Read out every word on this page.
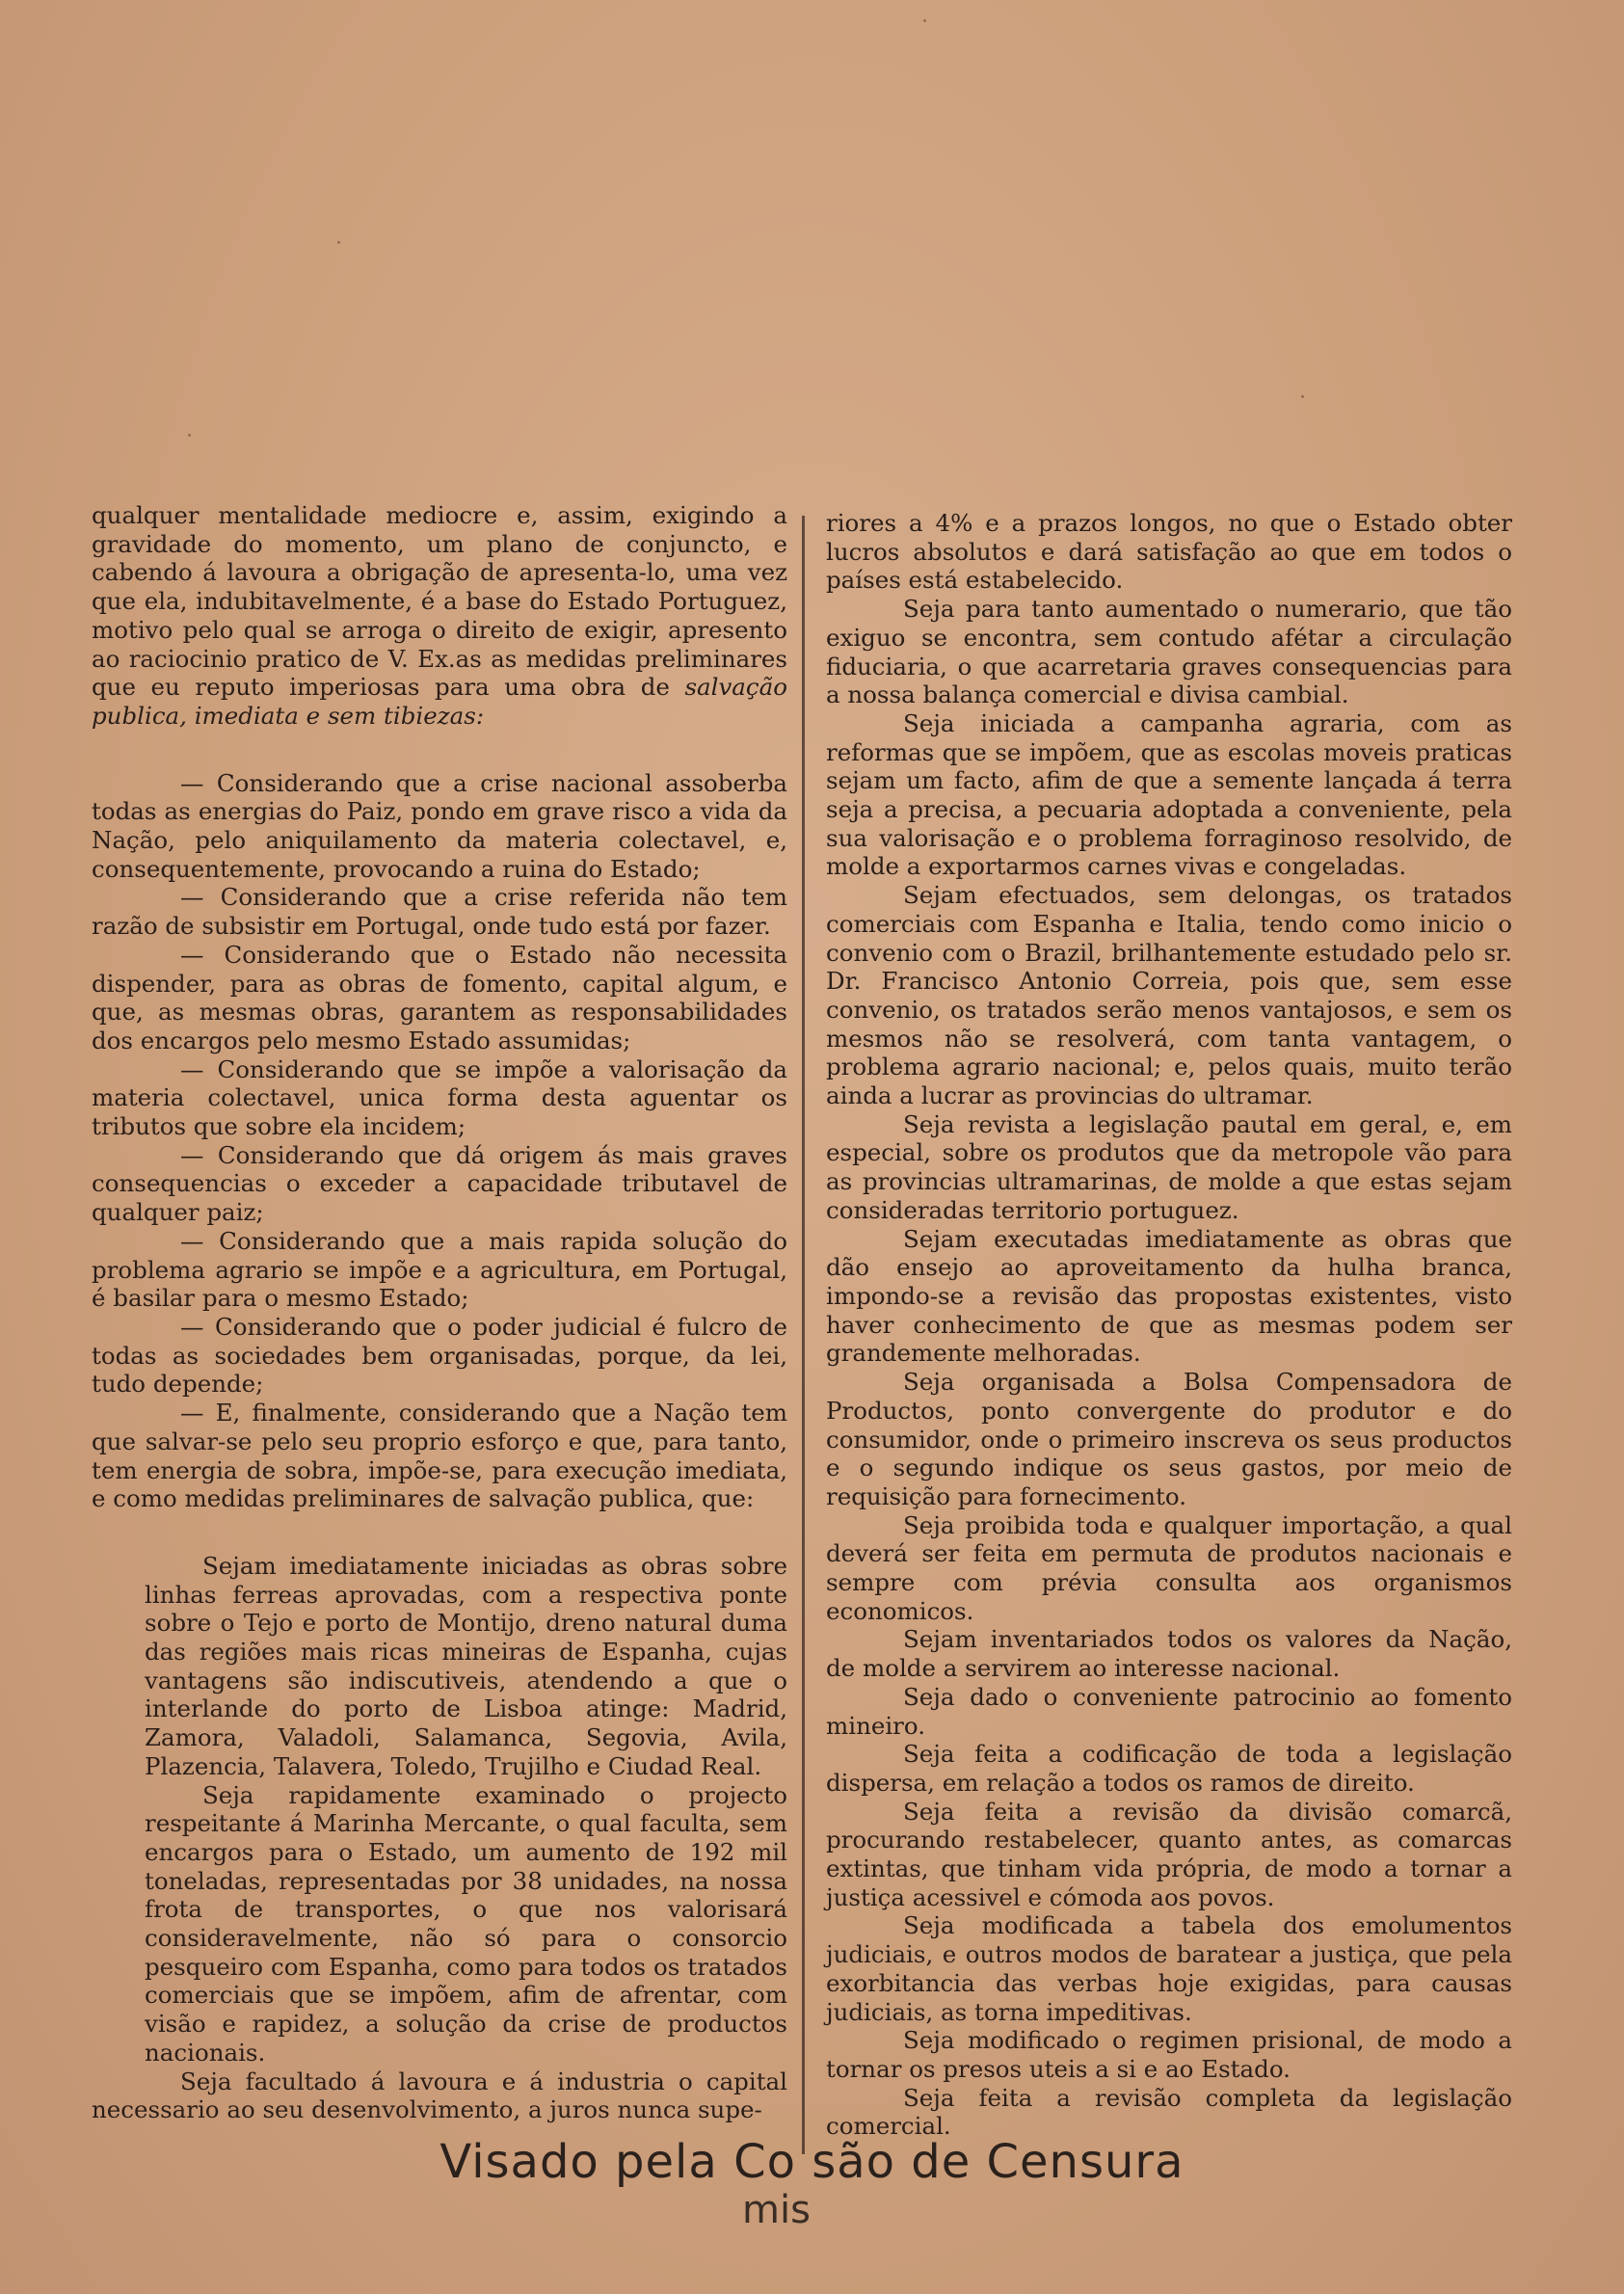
qualquer mentalidade mediocre e, assim, exigindo a gravidade do momento, um plano de conjuncto, e cabendo á lavoura a obrigação de apresenta-lo, uma vez que ela, indubitavelmente, é a base do Estado Portuguez, motivo pelo qual se arroga o direito de exigir, apresento ao raciocinio pratico de V. Ex.as as medidas preliminares que eu reputo imperiosas para uma obra de salvação publica, imediata e sem tibiezas:

— Considerando que a crise nacional assoberba todas as energias do Paiz, pondo em grave risco a vida da Nação, pelo aniquilamento da materia colectavel, e, consequentemente, provocando a ruina do Estado;

— Considerando que a crise referida não tem razão de subsistir em Portugal, onde tudo está por fazer.

— Considerando que o Estado não necessita dispender, para as obras de fomento, capital algum, e que, as mesmas obras, garantem as responsabilidades dos encargos pelo mesmo Estado assumidas;

— Considerando que se impõe a valorisação da materia colectavel, unica forma desta aguentar os tributos que sobre ela incidem;

— Considerando que dá origem ás mais graves consequencias o exceder a capacidade tributavel de qualquer paiz;

— Considerando que a mais rapida solução do problema agrario se impõe e a agricultura, em Portugal, é basilar para o mesmo Estado;

— Considerando que o poder judicial é fulcro de todas as sociedades bem organisadas, porque, da lei, tudo depende;

— E, finalmente, considerando que a Nação tem que salvar-se pelo seu proprio esforço e que, para tanto, tem energia de sobra, impõe-se, para execução imediata, e como medidas preliminares de salvação publica, que:

Sejam imediatamente iniciadas as obras sobre linhas ferreas aprovadas, com a respectiva ponte sobre o Tejo e porto de Montijo, dreno natural duma das regiões mais ricas mineiras de Espanha, cujas vantagens são indiscutiveis, atendendo a que o interlande do porto de Lisboa atinge: Madrid, Zamora, Valadoli, Salamanca, Segovia, Avila, Plazencia, Talavera, Toledo, Trujilho e Ciudad Real.

Seja rapidamente examinado o projecto respeitante á Marinha Mercante, o qual faculta, sem encargos para o Estado, um aumento de 192 mil toneladas, representadas por 38 unidades, na nossa frota de transportes, o que nos valorisará consideravelmente, não só para o consorcio pesqueiro com Espanha, como para todos os tratados comerciais que se impõem, afim de afrentar, com visão e rapidez, a solução da crise de productos nacionais.

Seja facultado á lavoura e á industria o capital necessario ao seu desenvolvimento, a juros nunca supe-

riores a 4% e a prazos longos, no que o Estado obter lucros absolutos e dará satisfação ao que em todos o países está estabelecido.

Seja para tanto aumentado o numerario, que tão exiguo se encontra, sem contudo afétar a circulação fiduciaria, o que acarretaria graves consequencias para a nossa balança comercial e divisa cambial.

Seja iniciada a campanha agraria, com as reformas que se impõem, que as escolas moveis praticas sejam um facto, afim de que a semente lançada á terra seja a precisa, a pecuaria adoptada a conveniente, pela sua valorisação e o problema forraginoso resolvido, de molde a exportarmos carnes vivas e congeladas.

Sejam efectuados, sem delongas, os tratados comerciais com Espanha e Italia, tendo como inicio o convenio com o Brazil, brilhantemente estudado pelo sr. Dr. Francisco Antonio Correia, pois que, sem esse convenio, os tratados serão menos vantajosos, e sem os mesmos não se resolverá, com tanta vantagem, o problema agrario nacional; e, pelos quais, muito terão ainda a lucrar as provincias do ultramar.

Seja revista a legislação pautal em geral, e, em especial, sobre os produtos que da metropole vão para as provincias ultramarinas, de molde a que estas sejam consideradas territorio portuguez.

Sejam executadas imediatamente as obras que dão ensejo ao aproveitamento da hulha branca, impondo-se a revisão das propostas existentes, visto haver conhecimento de que as mesmas podem ser grandemente melhoradas.

Seja organisada a Bolsa Compensadora de Productos, ponto convergente do produtor e do consumidor, onde o primeiro inscreva os seus productos e o segundo indique os seus gastos, por meio de requisição para fornecimento.

Seja proibida toda e qualquer importação, a qual deverá ser feita em permuta de produtos nacionais e sempre com prévia consulta aos organismos economicos.

Sejam inventariados todos os valores da Nação, de molde a servirem ao interesse nacional.

Seja dado o conveniente patrocinio ao fomento mineiro.

Seja feita a codificação de toda a legislação dispersa, em relação a todos os ramos de direito.

Seja feita a revisão da divisão comarcã, procurando restabelecer, quanto antes, as comarcas extintas, que tinham vida própria, de modo a tornar a justiça acessivel e cómoda aos povos.

Seja modificada a tabela dos emolumentos judiciais, e outros modos de baratear a justiça, que pela exorbitancia das verbas hoje exigidas, para causas judiciais, as torna impeditivas.

Seja modificado o regimen prisional, de modo a tornar os presos uteis a si e ao Estado.

Seja feita a revisão completa da legislação comercial.

Visado pela Co são de Censura
mis
